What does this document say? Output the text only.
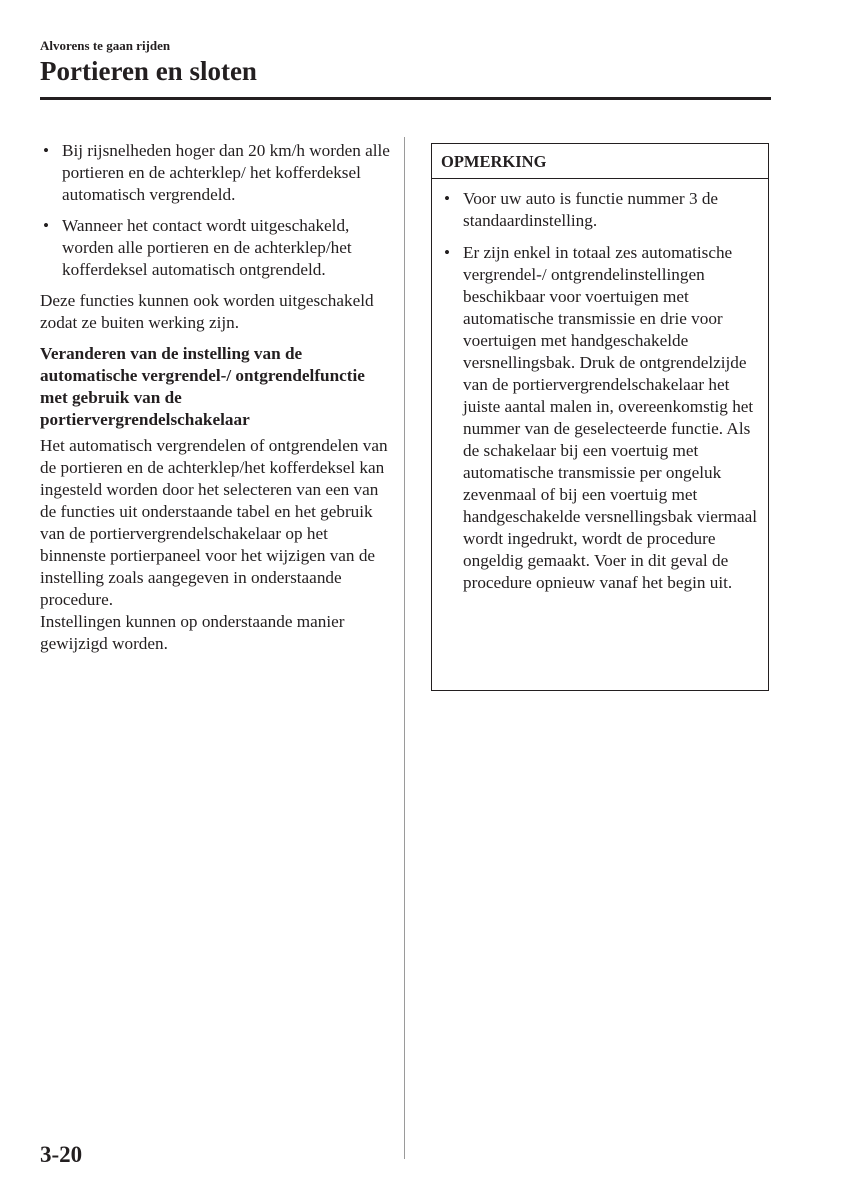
Alvorens te gaan rijden
Portieren en sloten
• Bij rijsnelheden hoger dan 20 km/h worden alle portieren en de achterklep/ het kofferdeksel automatisch vergrendeld.
• Wanneer het contact wordt uitgeschakeld, worden alle portieren en de achterklep/het kofferdeksel automatisch ontgrendeld.

Deze functies kunnen ook worden uitgeschakeld zodat ze buiten werking zijn.

Veranderen van de instelling van de automatische vergrendel-/ ontgrendelfunctie met gebruik van de portiervergrendelschakelaar

Het automatisch vergrendelen of ontgrendelen van de portieren en de achterklep/het kofferdeksel kan ingesteld worden door het selecteren van een van de functies uit onderstaande tabel en het gebruik van de portiervergrendelschakelaar op het binnenste portierpaneel voor het wijzigen van de instelling zoals aangegeven in onderstaande procedure.

Instellingen kunnen op onderstaande manier gewijzigd worden.

OPMERKING
• Voor uw auto is functie nummer 3 de standaardinstelling.
• Er zijn enkel in totaal zes automatische vergrendel-/ ontgrendelinstellingen beschikbaar voor voertuigen met automatische transmissie en drie voor voertuigen met handgeschakelde versnellingsbak. Druk de ontgrendelzijde van de portiervergrendelschakelaar het juiste aantal malen in, overeenkomstig het nummer van de geselecteerde functie. Als de schakelaar bij een voertuig met automatische transmissie per ongeluk zevenmaal of bij een voertuig met handgeschakelde versnellingsbak viermaal wordt ingedrukt, wordt de procedure ongeldig gemaakt. Voer in dit geval de procedure opnieuw vanaf het begin uit.
3-20
